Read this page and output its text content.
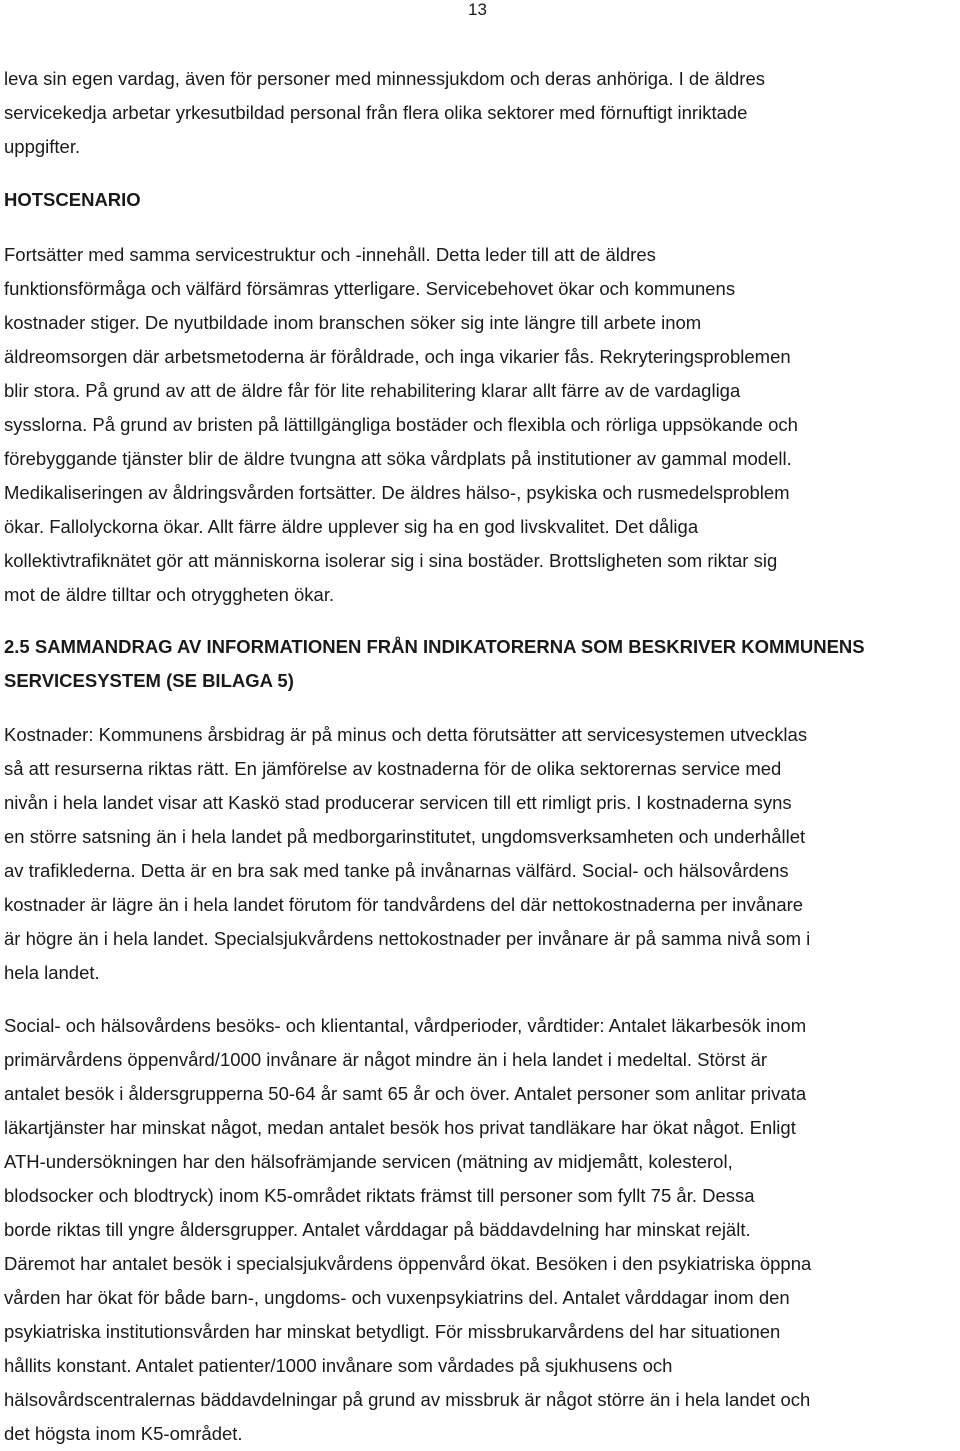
13
leva sin egen vardag, även för personer med minnessjukdom och deras anhöriga. I de äldres
servicekedja arbetar yrkesutbildad personal från flera olika sektorer med förnuftigt inriktade
uppgifter.
HOTSCENARIO
Fortsätter med samma servicestruktur och -innehåll. Detta leder till att de äldres
funktionsförmåga och välfärd försämras ytterligare. Servicebehovet ökar och kommunens
kostnader stiger. De nyutbildade inom branschen söker sig inte längre till arbete inom
äldreomsorgen där arbetsmetoderna är föråldrade, och inga vikarier fås. Rekryteringsproblemen
blir stora. På grund av att de äldre får för lite rehabilitering klarar allt färre av de vardagliga
sysslorna. På grund av bristen på lättillgängliga bostäder och flexibla och rörliga uppsökande och
förebyggande tjänster blir de äldre tvungna att söka vårdplats på institutioner av gammal modell.
Medikaliseringen av åldringsvården fortsätter. De äldres hälso-, psykiska och rusmedelsproblem
ökar. Fallolyckorna ökar. Allt färre äldre upplever sig ha en god livskvalitet. Det dåliga
kollektivtrafiknätet gör att människorna isolerar sig i sina bostäder. Brottsligheten som riktar sig
mot de äldre tilltar och otryggheten ökar.
2.5 SAMMANDRAG AV INFORMATIONEN FRÅN INDIKATORERNA SOM BESKRIVER KOMMUNENS
SERVICESYSTEM (SE BILAGA 5)
Kostnader: Kommunens årsbidrag är på minus och detta förutsätter att servicesystemen utvecklas
så att resurserna riktas rätt. En jämförelse av kostnaderna för de olika sektorernas service med
nivån i hela landet visar att Kaskö stad producerar servicen till ett rimligt pris. I kostnaderna syns
en större satsning än i hela landet på medborgarinstitutet, ungdomsverksamheten och underhållet
av trafiklederna. Detta är en bra sak med tanke på invånarnas välfärd. Social- och hälsovårdens
kostnader är lägre än i hela landet förutom för tandvårdens del där nettokostnaderna per invånare
är högre än i hela landet. Specialsjukvårdens nettokostnader per invånare är på samma nivå som i
hela landet.
Social- och hälsovårdens besöks- och klientantal, vårdperioder, vårdtider: Antalet läkarbesök inom
primärvårdens öppenvård/1000 invånare är något mindre än i hela landet i medeltal. Störst är
antalet besök i åldersgrupperna 50-64 år samt 65 år och över. Antalet personer som anlitar privata
läkartjänster har minskat något, medan antalet besök hos privat tandläkare har ökat något. Enligt
ATH-undersökningen har den hälsofrämjande servicen (mätning av midjemått, kolesterol,
blodsocker och blodtryck) inom K5-området riktats främst till personer som fyllt 75 år. Dessa
borde riktas till yngre åldersgrupper. Antalet vårddagar på bäddavdelning har minskat rejält.
Däremot har antalet besök i specialsjukvårdens öppenvård ökat. Besöken i den psykiatriska öppna
vården har ökat för både barn-, ungdoms- och vuxenpsykiatrins del. Antalet vårddagar inom den
psykiatriska institutionsvården har minskat betydligt. För missbrukarvårdens del har situationen
hållits konstant. Antalet patienter/1000 invånare som vårdades på sjukhusens och
hälsovårdscentralernas bäddavdelningar på grund av missbruk är något större än i hela landet och
det högsta inom K5-området.
